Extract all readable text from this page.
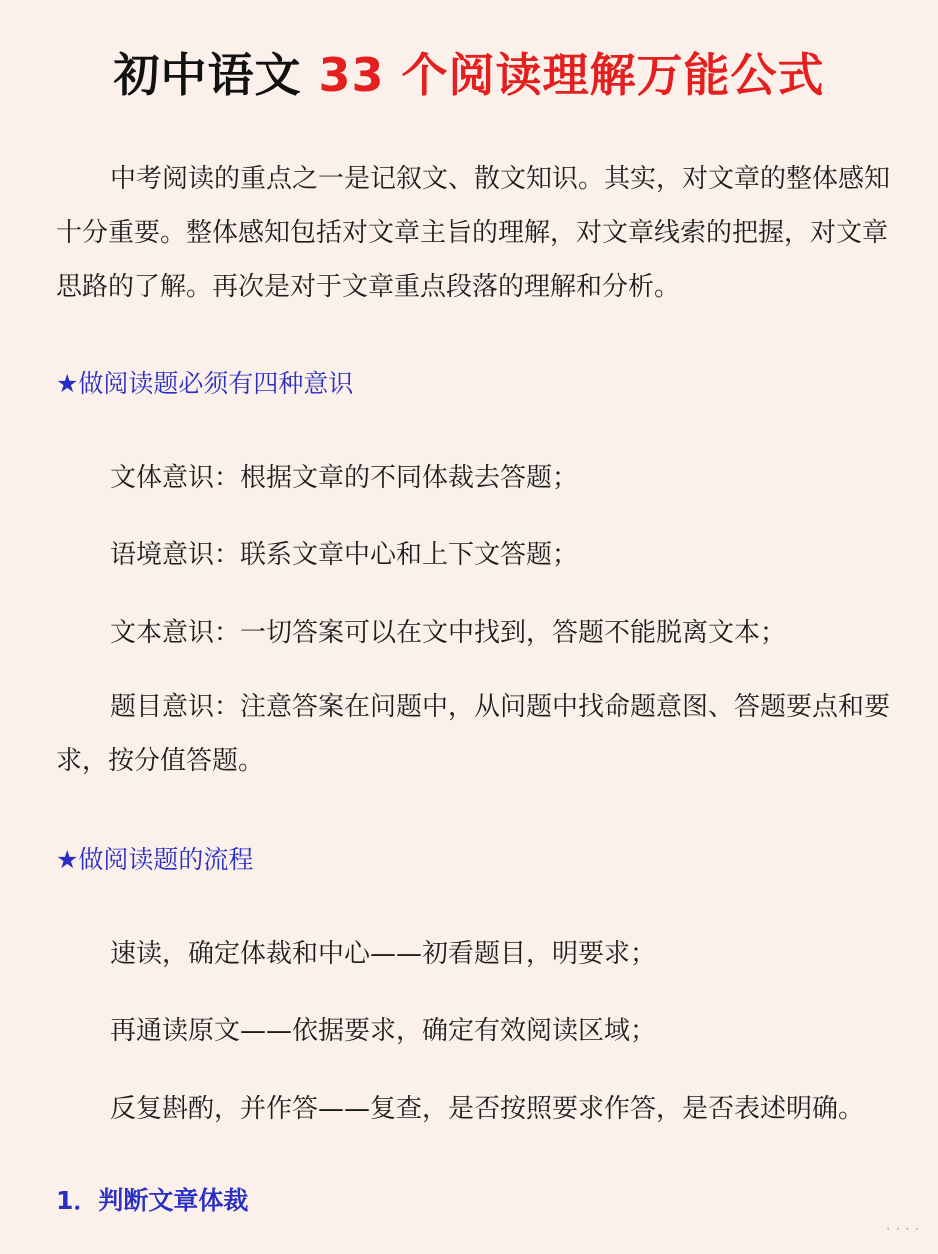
初中语文 33 个阅读理解万能公式
中考阅读的重点之一是记叙文、散文知识。其实，对文章的整体感知十分重要。整体感知包括对文章主旨的理解，对文章线索的把握，对文章思路的了解。再次是对于文章重点段落的理解和分析。
★做阅读题必须有四种意识
文体意识：根据文章的不同体裁去答题；
语境意识：联系文章中心和上下文答题；
文本意识：一切答案可以在文中找到，答题不能脱离文本；
题目意识：注意答案在问题中，从问题中找命题意图、答题要点和要求，按分值答题。
★做阅读题的流程
速读，确定体裁和中心——初看题目，明要求；
再通读原文——依据要求，确定有效阅读区域；
反复斟酌，并作答——复查，是否按照要求作答，是否表述明确。
1．判断文章体裁
· · · ·
